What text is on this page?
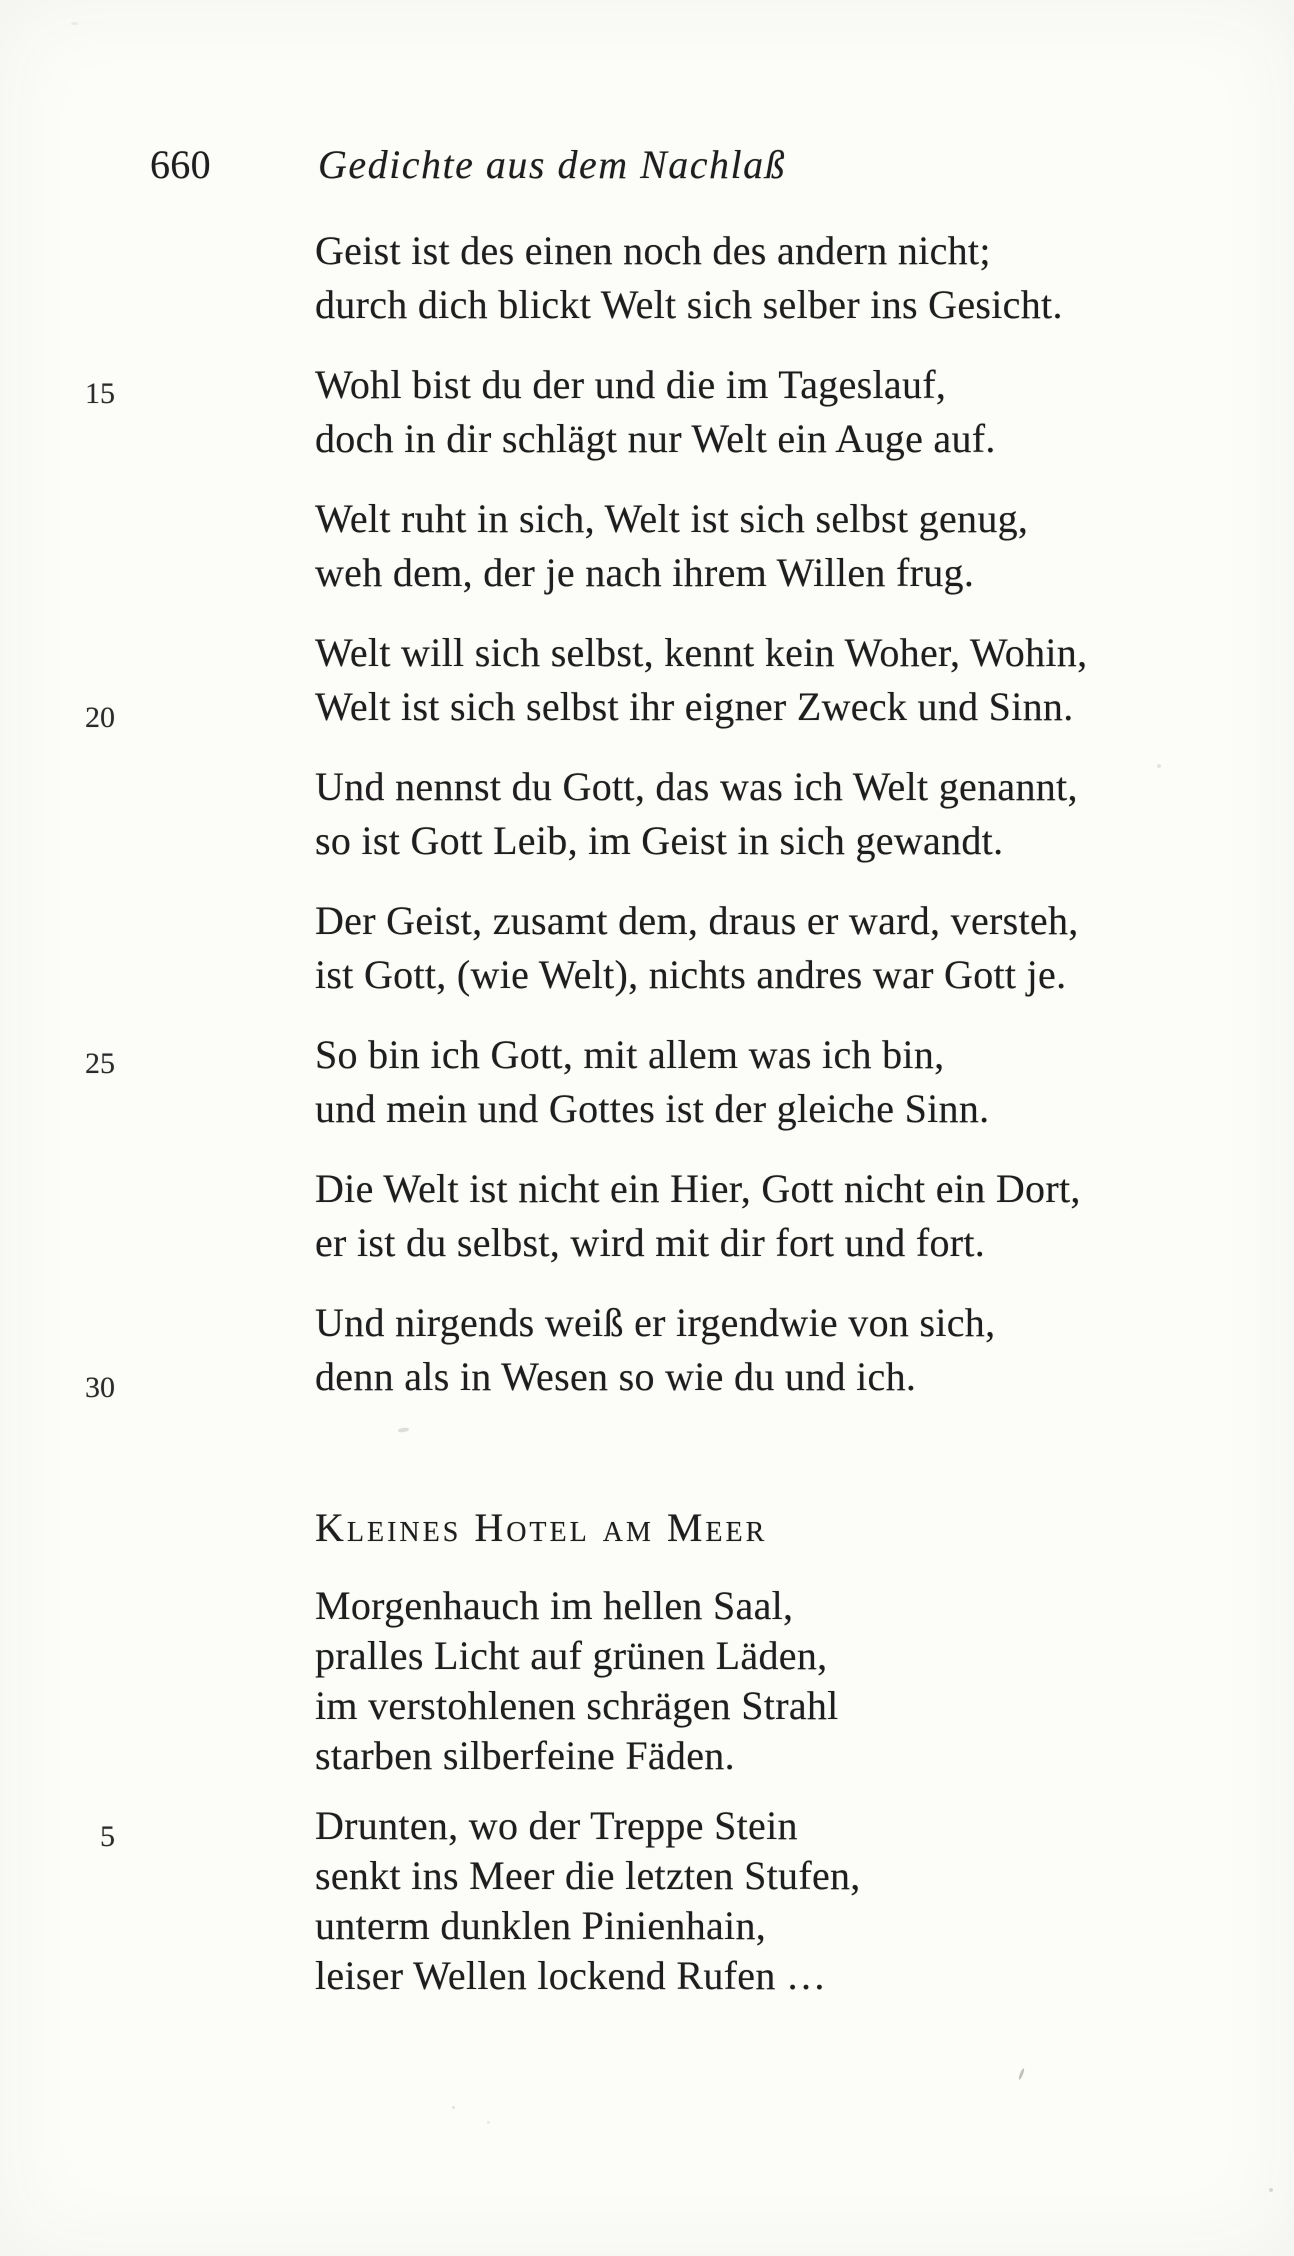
660	Gedichte aus dem Nachlaß
15
20
25
30
5
Geist ist des einen noch des andern nicht;
durch dich blickt Welt sich selber ins Gesicht.
Wohl bist du der und die im Tageslauf,
doch in dir schlägt nur Welt ein Auge auf.
Welt ruht in sich, Welt ist sich selbst genug,
weh dem, der je nach ihrem Willen frug.
Welt will sich selbst, kennt kein Woher, Wohin,
Welt ist sich selbst ihr eigner Zweck und Sinn.
Und nennst du Gott, das was ich Welt genannt,
so ist Gott Leib, im Geist in sich gewandt.
Der Geist, zusamt dem, draus er ward, versteh,
ist Gott, (wie Welt), nichts andres war Gott je.
So bin ich Gott, mit allem was ich bin,
und mein und Gottes ist der gleiche Sinn.
Die Welt ist nicht ein Hier, Gott nicht ein Dort,
er ist du selbst, wird mit dir fort und fort.
Und nirgends weiß er irgendwie von sich,
denn als in Wesen so wie du und ich.
Kleines Hotel am Meer
Morgenhauch im hellen Saal,
pralles Licht auf grünen Läden,
im verstohlenen schrägen Strahl
starben silberfeine Fäden.
Drunten, wo der Treppe Stein
senkt ins Meer die letzten Stufen,
unterm dunklen Pinienhain,
leiser Wellen lockend Rufen …
